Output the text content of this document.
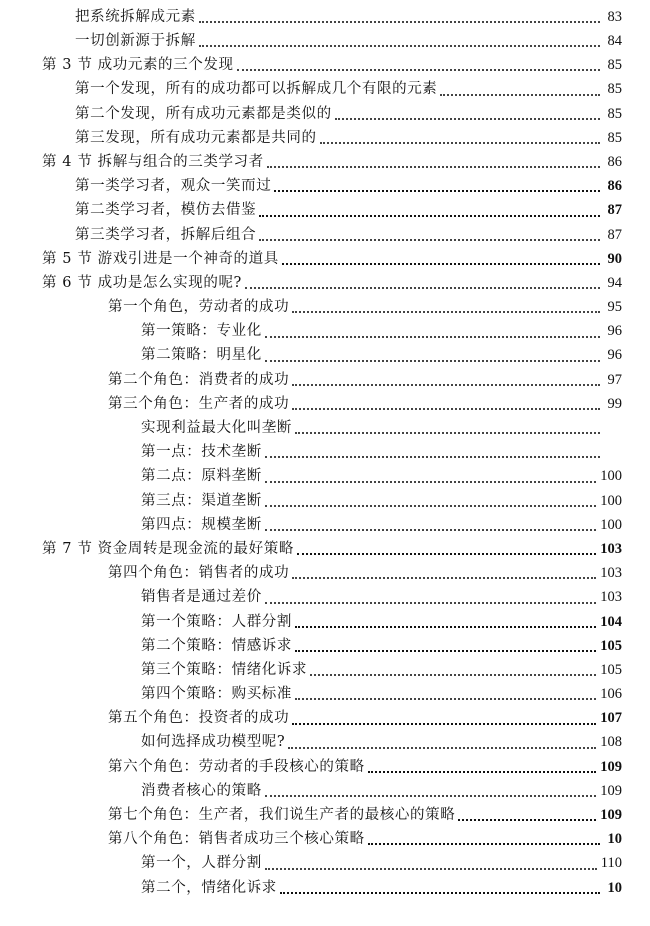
把系统拆解成元素	83
一切创新源于拆解	84
第 3 节 成功元素的三个发现	85
第一个发现，所有的成功都可以拆解成几个有限的元素	85
第二个发现，所有成功元素都是类似的	85
第三发现，所有成功元素都是共同的	85
第 4 节 拆解与组合的三类学习者	86
第一类学习者，观众一笑而过	86
第二类学习者，模仿去借鉴	87
第三类学习者，拆解后组合	87
第 5 节 游戏引进是一个神奇的道具	90
第 6 节 成功是怎么实现的呢?	94
第一个角色，劳动者的成功	95
第一策略：专业化	96
第二策略：明星化	96
第二个角色：消费者的成功	97
第三个角色：生产者的成功	99
实现利益最大化叫垄断
第一点：技术垄断
第二点：原料垄断	100
第三点：渠道垄断	100
第四点：规模垄断	100
第 7 节 资金周转是现金流的最好策略	103
第四个角色：销售者的成功	103
销售者是通过差价	103
第一个策略：人群分割	104
第二个策略：情感诉求	105
第三个策略：情绪化诉求	105
第四个策略：购买标准	106
第五个角色：投资者的成功	107
如何选择成功模型呢?	108
第六个角色：劳动者的手段核心的策略	109
消费者核心的策略	109
第七个角色：生产者，我们说生产者的最核心的策略	109
第八个角色：销售者成功三个核心策略	10
第一个，人群分割	110
第二个，情绪化诉求	10
